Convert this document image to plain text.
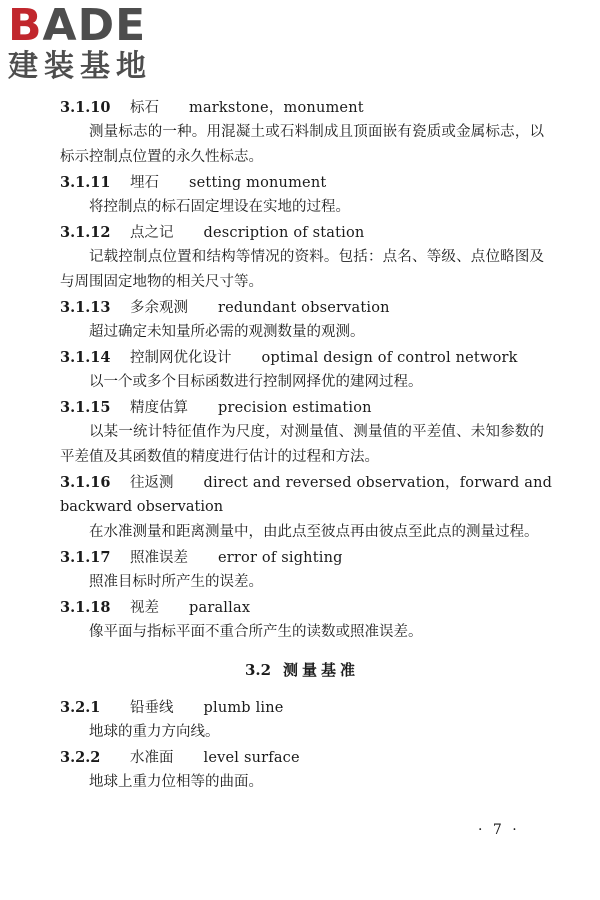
BADE
建装基地
3.1.10 标石 markstone，monument
测量标志的一种。用混凝土或石料制成且顶面嵌有瓷质或金属标志，以标示控制点位置的永久性标志。
3.1.11 埋石 setting monument
将控制点的标石固定埋设在实地的过程。
3.1.12 点之记 description of station
记载控制点位置和结构等情况的资料。包括：点名、等级、点位略图及与周围固定地物的相关尺寸等。
3.1.13 多余观测 redundant observation
超过确定未知量所必需的观测数量的观测。
3.1.14 控制网优化设计 optimal design of control network
以一个或多个目标函数进行控制网择优的建网过程。
3.1.15 精度估算 precision estimation
以某一统计特征值作为尺度，对测量值、测量值的平差值、未知参数的平差值及其函数值的精度进行估计的过程和方法。
3.1.16 往返测 direct and reversed observation，forward and
backward observation
在水准测量和距离测量中，由此点至彼点再由彼点至此点的测量过程。
3.1.17 照准误差 error of sighting
照准目标时所产生的误差。
3.1.18 视差 parallax
像平面与指标平面不重合所产生的读数或照准误差。
3.2 测量基准
3.2.1 铅垂线 plumb line
地球的重力方向线。
3.2.2 水准面 level surface
地球上重力位相等的曲面。
· 7 ·
